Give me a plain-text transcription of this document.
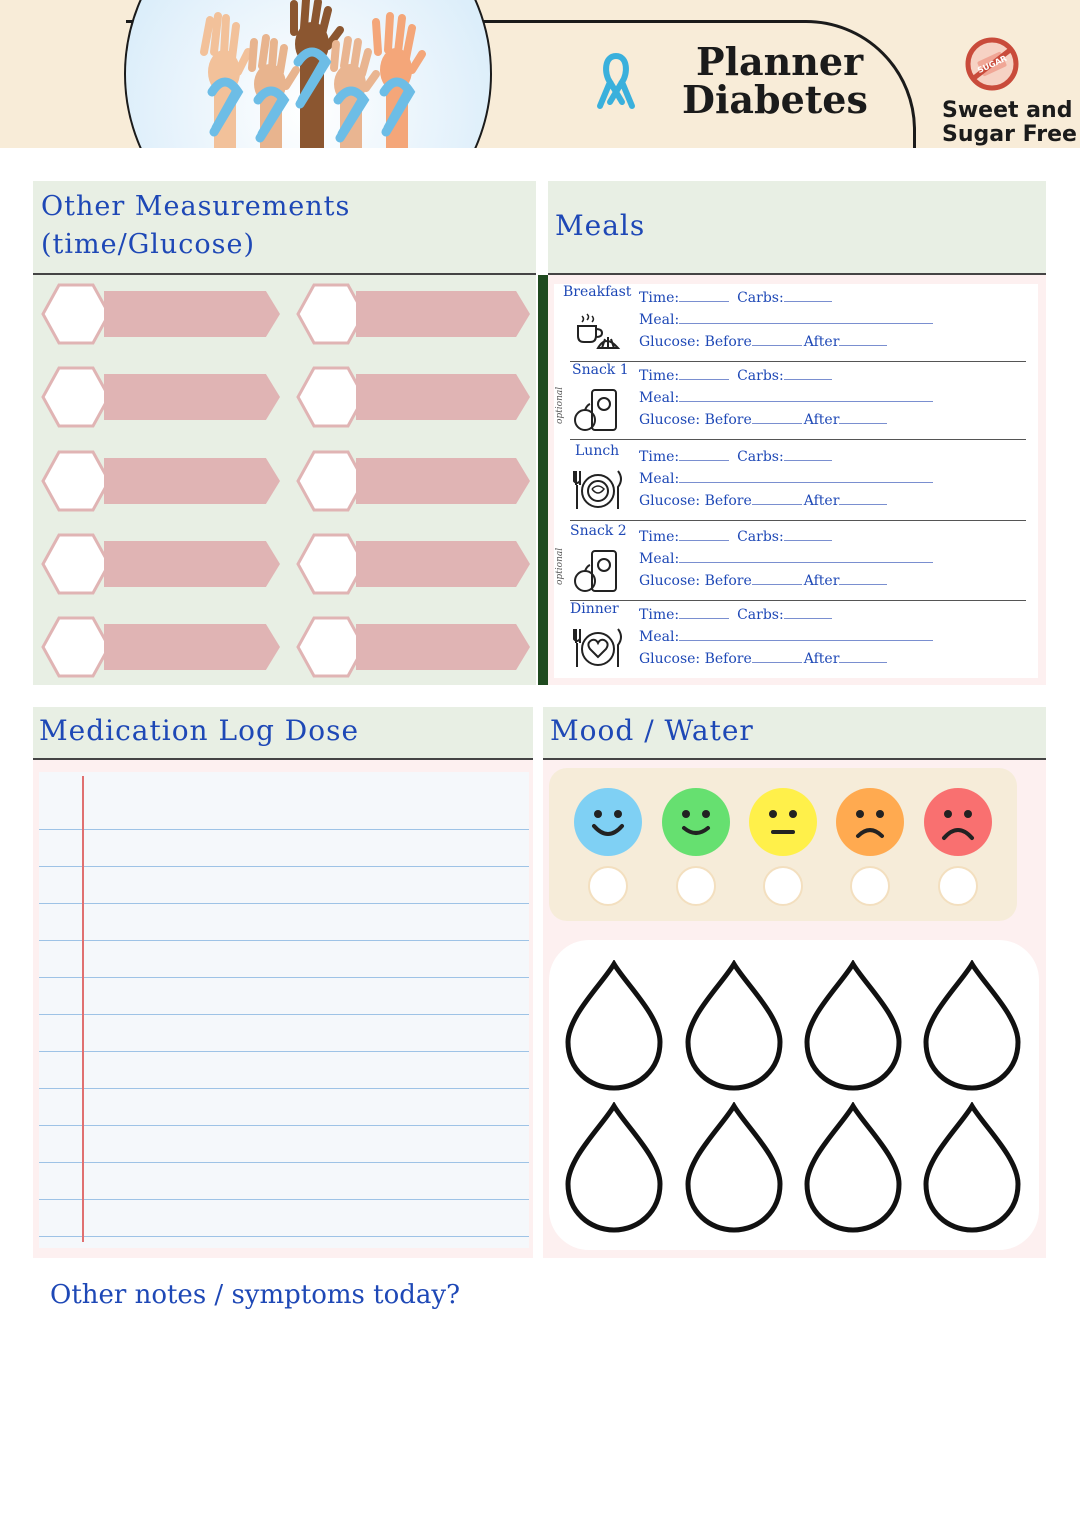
Planner
Diabetes
SUGAR
Sweet and
Sugar Free
Other Measurements
(time/Glucose)
Meals
Breakfast Time:	Carbs:
Meal:
Glucose: Before	After
Snack 1
optional
Time:	Carbs:
Meal:
Glucose: Before	After
Lunch Time:	Carbs:
Meal:
Glucose: Before	After
Snack 2
optional
Time:	Carbs:
Meal:
Glucose: Before	After
Dinner Time:	Carbs:
Meal:
Glucose: Before	After
Medication Log Dose	Mood / Water
Other notes / symptoms today?
